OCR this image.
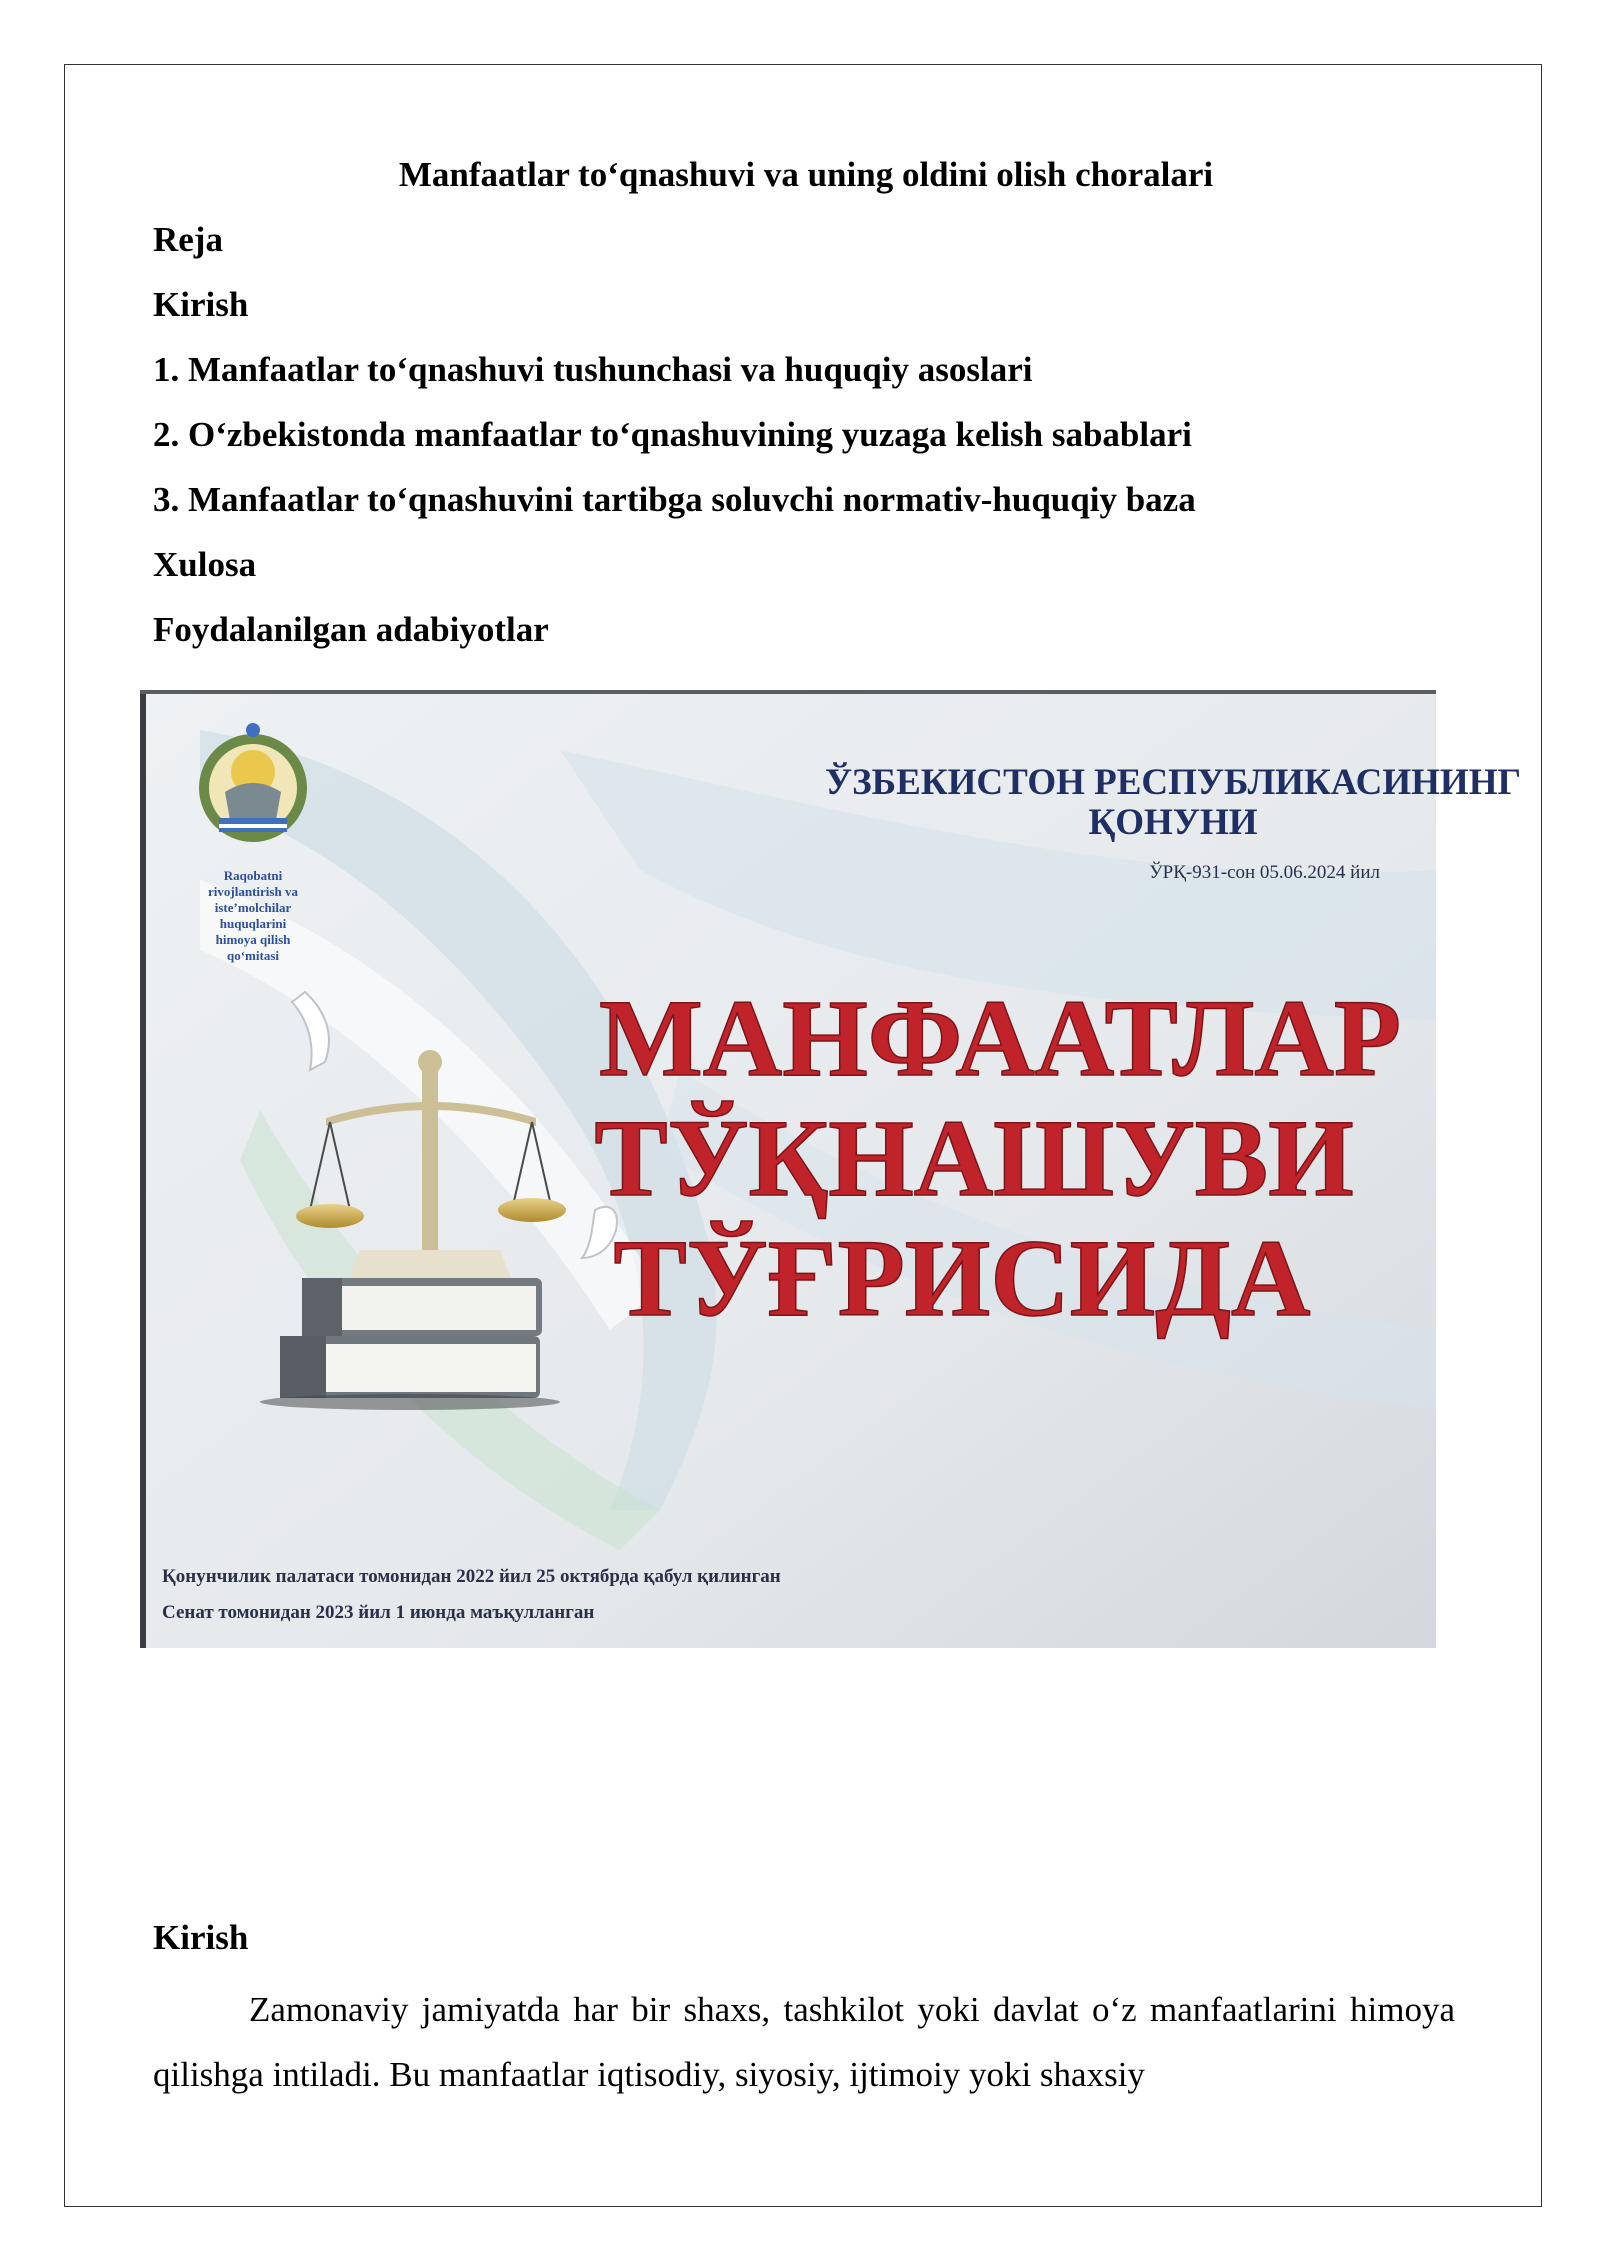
Manfaatlar to‘qnashuvi va uning oldini olish choralari
Reja
Kirish
1. Manfaatlar to‘qnashuvi tushunchasi va huquqiy asoslari
2. O‘zbekistonda manfaatlar to‘qnashuvining yuzaga kelish sabablari
3. Manfaatlar to‘qnashuvini tartibga soluvchi normativ-huquqiy baza
Xulosa
Foydalanilgan adabiyotlar
Raqobatni
rivojlantirish va
iste’molchilar
huquqlarini
himoya qilish
qo‘mitasi
ЎЗБЕКИСТОН РЕСПУБЛИКАСИНИНГ
ҚОНУНИ
ЎРҚ-931-сон 05.06.2024 йил
МАНФААТЛАР
ТЎҚНАШУВИ
ТЎҒРИСИДА
Қонунчилик палатаси томонидан 2022 йил 25 октябрда қабул қилинган
Сенат томонидан 2023 йил 1 июнда маъқулланган
Kirish
Zamonaviy jamiyatda har bir shaxs, tashkilot yoki davlat o‘z manfaatlarini himoya qilishga intiladi. Bu manfaatlar iqtisodiy, siyosiy, ijtimoiy yoki shaxsiy
